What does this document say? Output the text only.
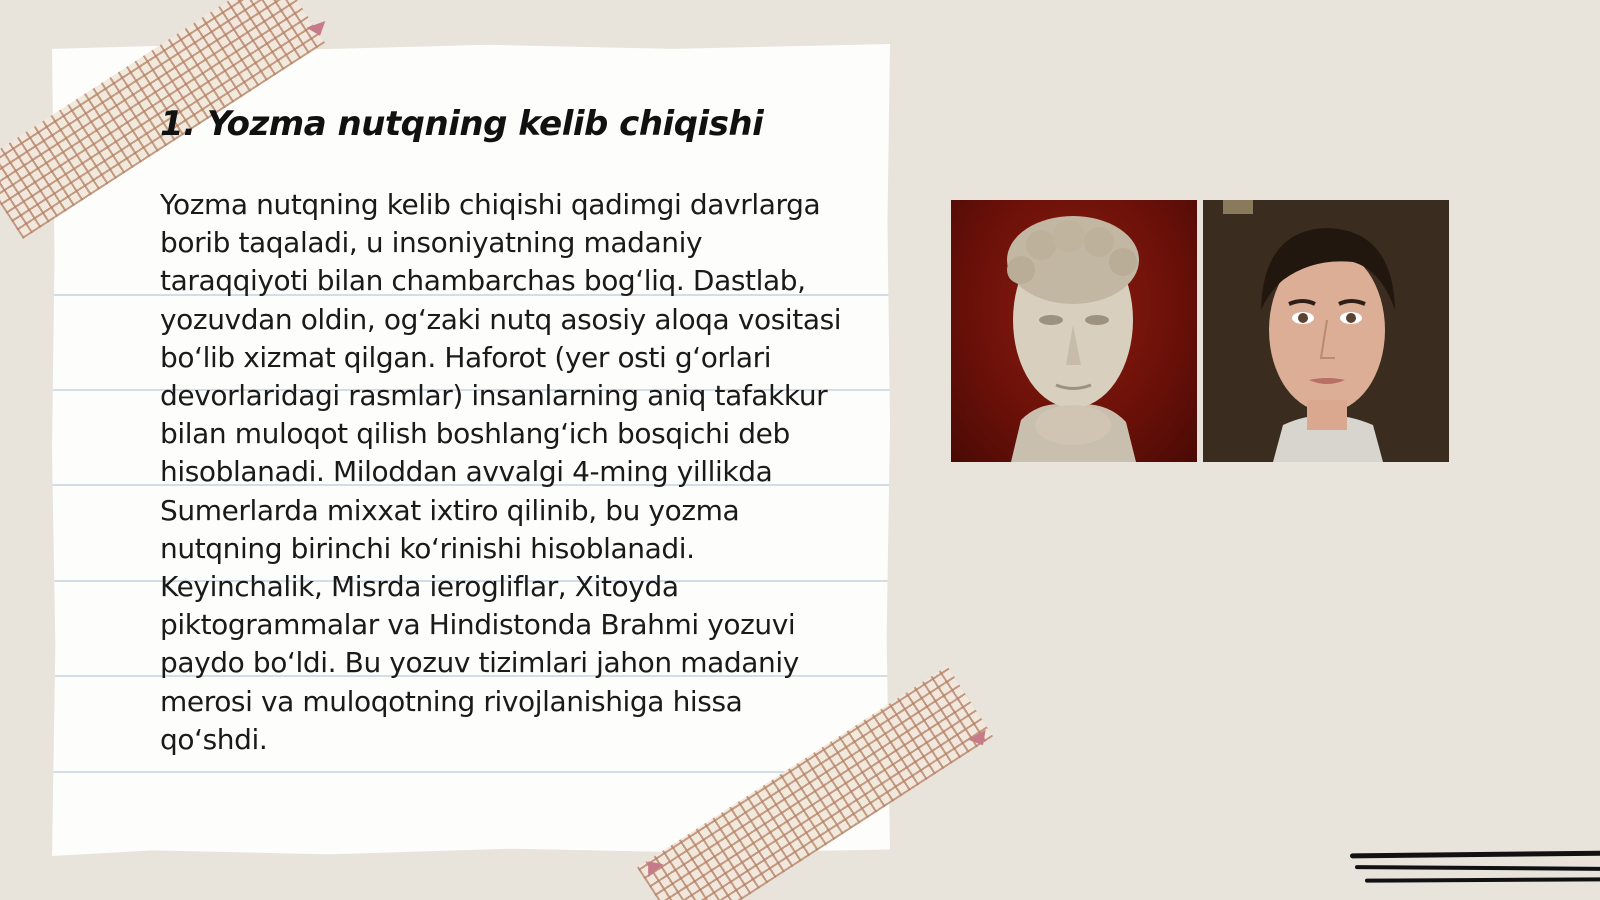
1. Yozma nutqning kelib chiqishi

Yozma nutqning kelib chiqishi qadimgi davrlarga borib taqaladi, u insoniyatning madaniy taraqqiyoti bilan chambarchas bog‘liq. Dastlab, yozuvdan oldin, og‘zaki nutq asosiy aloqa vositasi bo‘lib xizmat qilgan. Haforot (yer osti g‘orlari devorlaridagi rasmlar) insanlarning aniq tafakkur bilan muloqot qilish boshlang‘ich bosqichi deb hisoblanadi. Miloddan avvalgi 4-ming yillikda Sumerlarda mixxat ixtiro qilinib, bu yozma nutqning birinchi ko‘rinishi hisoblanadi. Keyinchalik, Misrda ierogliflar, Xitoyda piktogrammalar va Hindistonda Brahmi yozuvi paydo bo‘ldi. Bu yozuv tizimlari jahon madaniy merosi va muloqotning rivojlanishiga hissa qo‘shdi.
